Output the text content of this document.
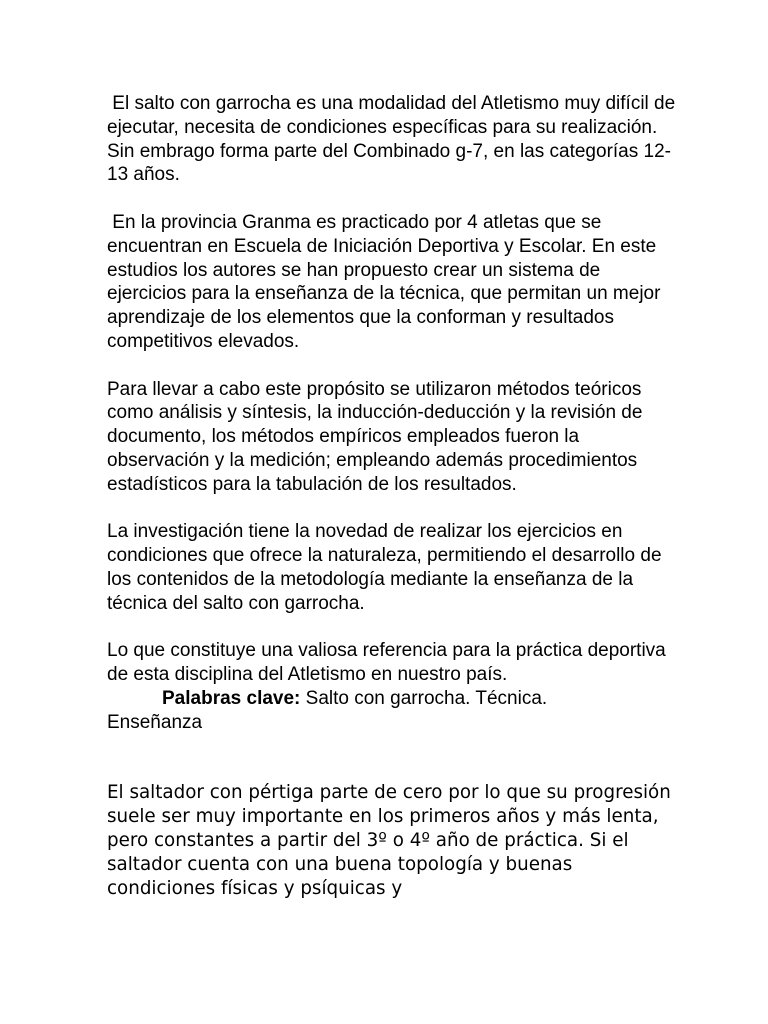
El salto con garrocha es una modalidad del Atletismo muy difícil de ejecutar, necesita de condiciones específicas para su realización. Sin embrago forma parte del Combinado g-7, en las categorías 12-13 años.

En la provincia Granma es practicado por 4 atletas que se encuentran en Escuela de Iniciación Deportiva y Escolar. En este estudios los autores se han propuesto crear un sistema de ejercicios para la enseñanza de la técnica, que permitan un mejor aprendizaje de los elementos que la conforman y resultados competitivos elevados.

Para llevar a cabo este propósito se utilizaron métodos teóricos como análisis y síntesis, la inducción-deducción y la revisión de documento, los métodos empíricos empleados fueron la observación y la medición; empleando además procedimientos estadísticos para la tabulación de los resultados.

La investigación tiene la novedad de realizar los ejercicios en condiciones que ofrece la naturaleza, permitiendo el desarrollo de los contenidos de la metodología mediante la enseñanza de la técnica del salto con garrocha.

Lo que constituye una valiosa referencia para la práctica deportiva de esta disciplina del Atletismo en nuestro país.

Palabras clave: Salto con garrocha. Técnica.

Enseñanza

El saltador con pértiga parte de cero por lo que su progresión suele ser muy importante en los primeros años y más lenta, pero constantes a partir del 3º o 4º año de práctica. Si el saltador cuenta con una buena topología y buenas condiciones físicas y psíquicas y
